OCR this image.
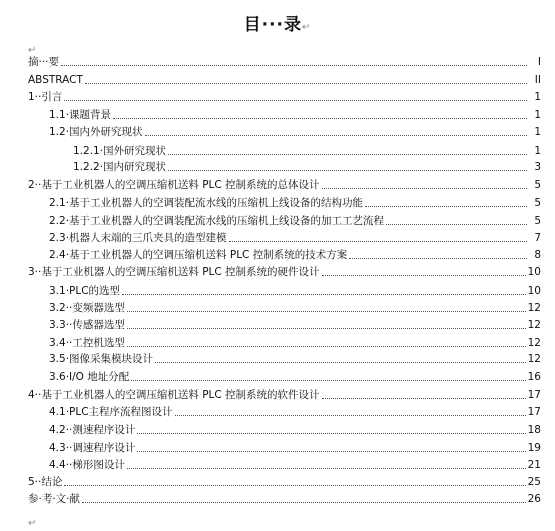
目···录↵
↵
摘···要	I
ABSTRACT	II
1··引言	1
1.1·课题背景	1
1.2·国内外研究现状	1
1.2.1·国外研究现状	1
1.2.2·国内研究现状	3
2··基于工业机器人的空调压缩机送料 PLC 控制系统的总体设计	5
2.1·基于工业机器人的空调装配流水线的压缩机上线设备的结构功能	5
2.2·基于工业机器人的空调装配流水线的压缩机上线设备的加工工艺流程	5
2.3·机器人末端的三爪夹具的造型建模	7
2.4·基于工业机器人的空调压缩机送料 PLC 控制系统的技术方案	8
3··基于工业机器人的空调压缩机送料 PLC 控制系统的硬件设计	10
3.1·PLC的选型	10
3.2··变频器选型	12
3.3··传感器选型	12
3.4··工控机选型	12
3.5·图像采集模块设计	12
3.6·I/O 地址分配	16
4··基于工业机器人的空调压缩机送料 PLC 控制系统的软件设计	17
4.1·PLC主程序流程图设计	17
4.2··测速程序设计	18
4.3··调速程序设计	19
4.4··梯形图设计	21
5··结论	25
参·考·文·献	26
↵
